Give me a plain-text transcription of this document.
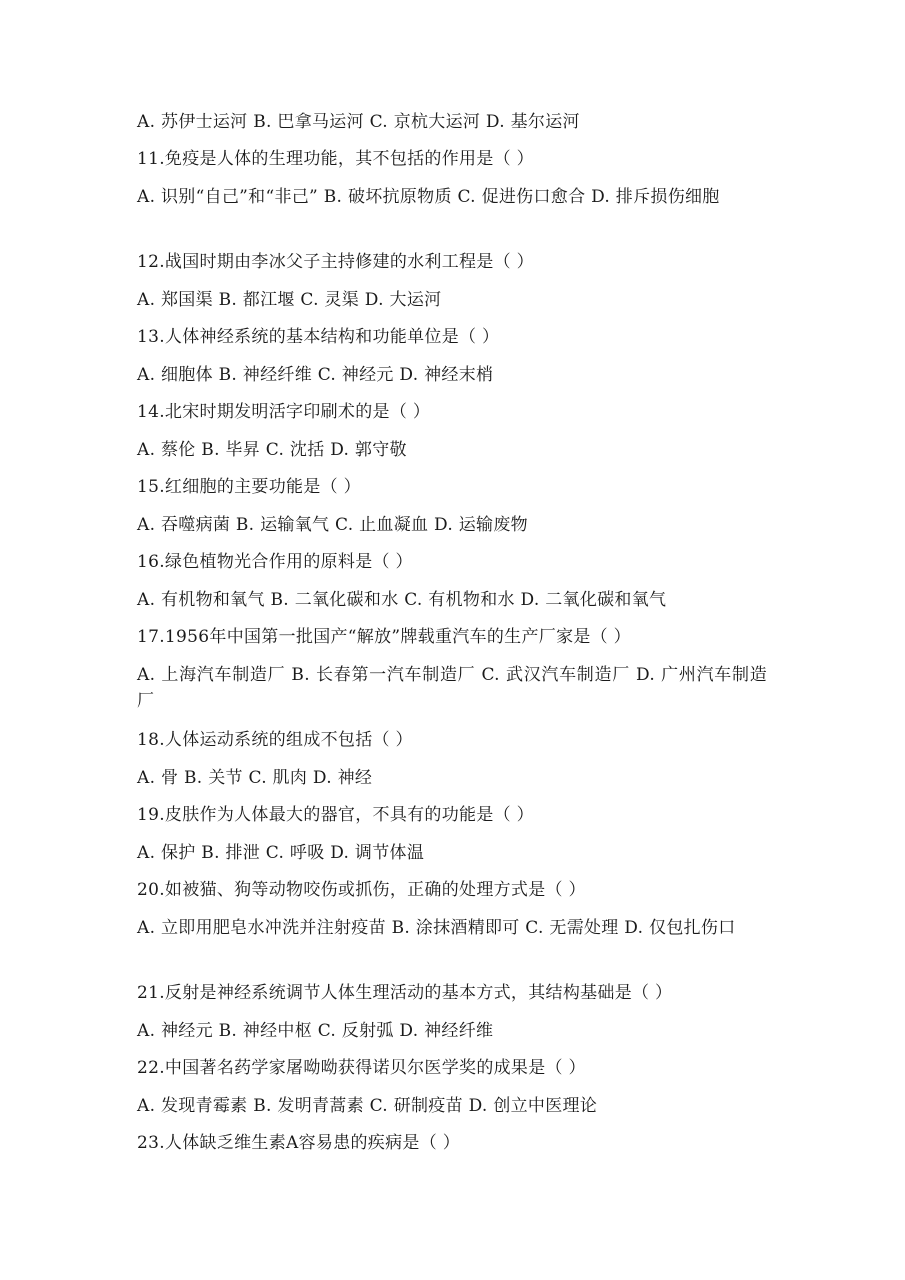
A. 苏伊士运河 B. 巴拿马运河 C. 京杭大运河 D. 基尔运河
11.免疫是人体的生理功能，其不包括的作用是（ ）
A. 识别“自己”和“非己” B. 破坏抗原物质 C. 促进伤口愈合 D. 排斥损伤细胞
12.战国时期由李冰父子主持修建的水利工程是（ ）
A. 郑国渠 B. 都江堰 C. 灵渠 D. 大运河
13.人体神经系统的基本结构和功能单位是（ ）
A. 细胞体 B. 神经纤维 C. 神经元 D. 神经末梢
14.北宋时期发明活字印刷术的是（ ）
A. 蔡伦 B. 毕昇 C. 沈括 D. 郭守敬
15.红细胞的主要功能是（ ）
A. 吞噬病菌 B. 运输氧气 C. 止血凝血 D. 运输废物
16.绿色植物光合作用的原料是（ ）
A. 有机物和氧气 B. 二氧化碳和水 C. 有机物和水 D. 二氧化碳和氧气
17.1956年中国第一批国产“解放”牌载重汽车的生产厂家是（ ）
A. 上海汽车制造厂 B. 长春第一汽车制造厂 C. 武汉汽车制造厂 D. 广州汽车制造厂
18.人体运动系统的组成不包括（ ）
A. 骨 B. 关节 C. 肌肉 D. 神经
19.皮肤作为人体最大的器官，不具有的功能是（ ）
A. 保护 B. 排泄 C. 呼吸 D. 调节体温
20.如被猫、狗等动物咬伤或抓伤，正确的处理方式是（ ）
A. 立即用肥皂水冲洗并注射疫苗 B. 涂抹酒精即可 C. 无需处理 D. 仅包扎伤口
21.反射是神经系统调节人体生理活动的基本方式，其结构基础是（ ）
A. 神经元 B. 神经中枢 C. 反射弧 D. 神经纤维
22.中国著名药学家屠呦呦获得诺贝尔医学奖的成果是（ ）
A. 发现青霉素 B. 发明青蒿素 C. 研制疫苗 D. 创立中医理论
23.人体缺乏维生素A容易患的疾病是（ ）
